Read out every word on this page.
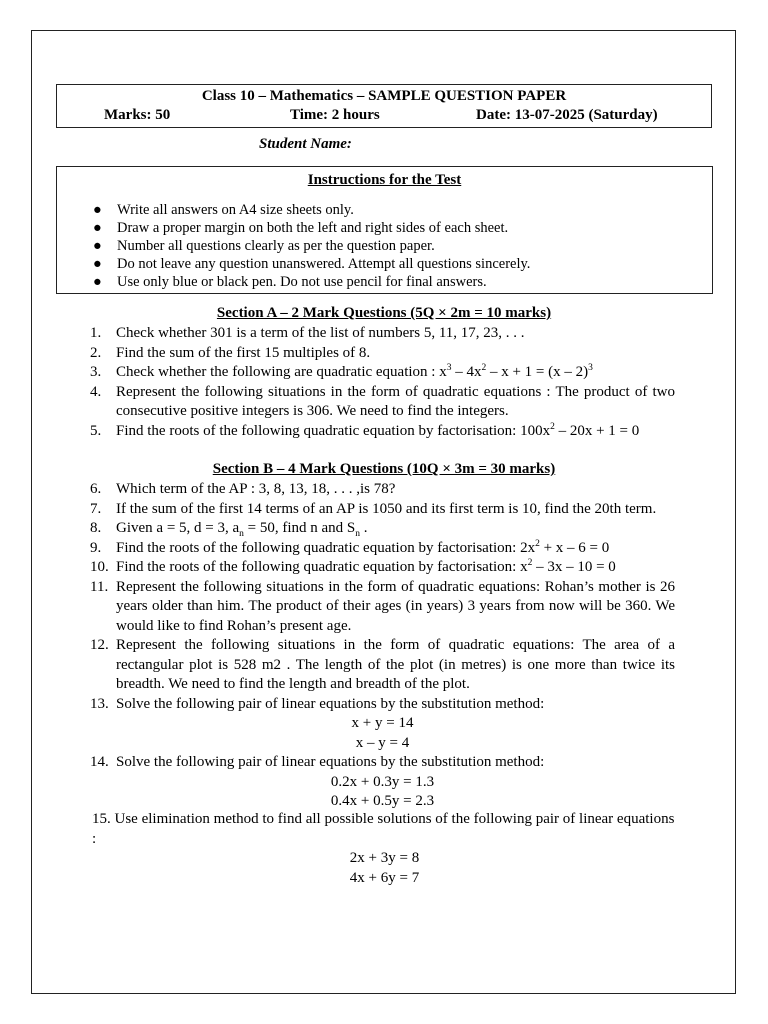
Class 10 – Mathematics – SAMPLE QUESTION PAPER
Marks: 50	Time: 2 hours	Date: 13-07-2025 (Saturday)
Student Name:
Instructions for the Test
● Write all answers on A4 size sheets only.
● Draw a proper margin on both the left and right sides of each sheet.
● Number all questions clearly as per the question paper.
● Do not leave any question unanswered. Attempt all questions sincerely.
● Use only blue or black pen. Do not use pencil for final answers.
Section A – 2 Mark Questions (5Q × 2m = 10 marks)
1. Check whether 301 is a term of the list of numbers 5, 11, 17, 23, . . .
2. Find the sum of the first 15 multiples of 8.
3. Check whether the following are quadratic equation : $x^3 - 4x^2 - x + 1 = (x - 2)^3$
4. Represent the following situations in the form of quadratic equations : The product of two consecutive positive integers is 306. We need to find the integers.
5. Find the roots of the following quadratic equation by factorisation: $100x^2 - 20x + 1 = 0$
Section B – 4 Mark Questions (10Q × 3m = 30 marks)
6. Which term of the AP : 3, 8, 13, 18, . . . ,is 78?
7. If the sum of the first 14 terms of an AP is 1050 and its first term is 10, find the 20th term.
8. Given a = 5, d = 3, $a_n = 50$, find n and $S_n$ .
9. Find the roots of the following quadratic equation by factorisation: $2x^2 + x - 6 = 0$
10. Find the roots of the following quadratic equation by factorisation: $x^2 - 3x - 10 = 0$
11. Represent the following situations in the form of quadratic equations: Rohan’s mother is 26 years older than him. The product of their ages (in years) 3 years from now will be 360. We would like to find Rohan’s present age.
12. Represent the following situations in the form of quadratic equations: The area of a rectangular plot is 528 m2 . The length of the plot (in metres) is one more than twice its breadth. We need to find the length and breadth of the plot.
13. Solve the following pair of linear equations by the substitution method:
x + y = 14
x – y = 4
14. Solve the following pair of linear equations by the substitution method:
0.2x + 0.3y = 1.3
0.4x + 0.5y = 2.3
15. Use elimination method to find all possible solutions of the following pair of linear equations :
2x + 3y = 8
4x + 6y = 7
